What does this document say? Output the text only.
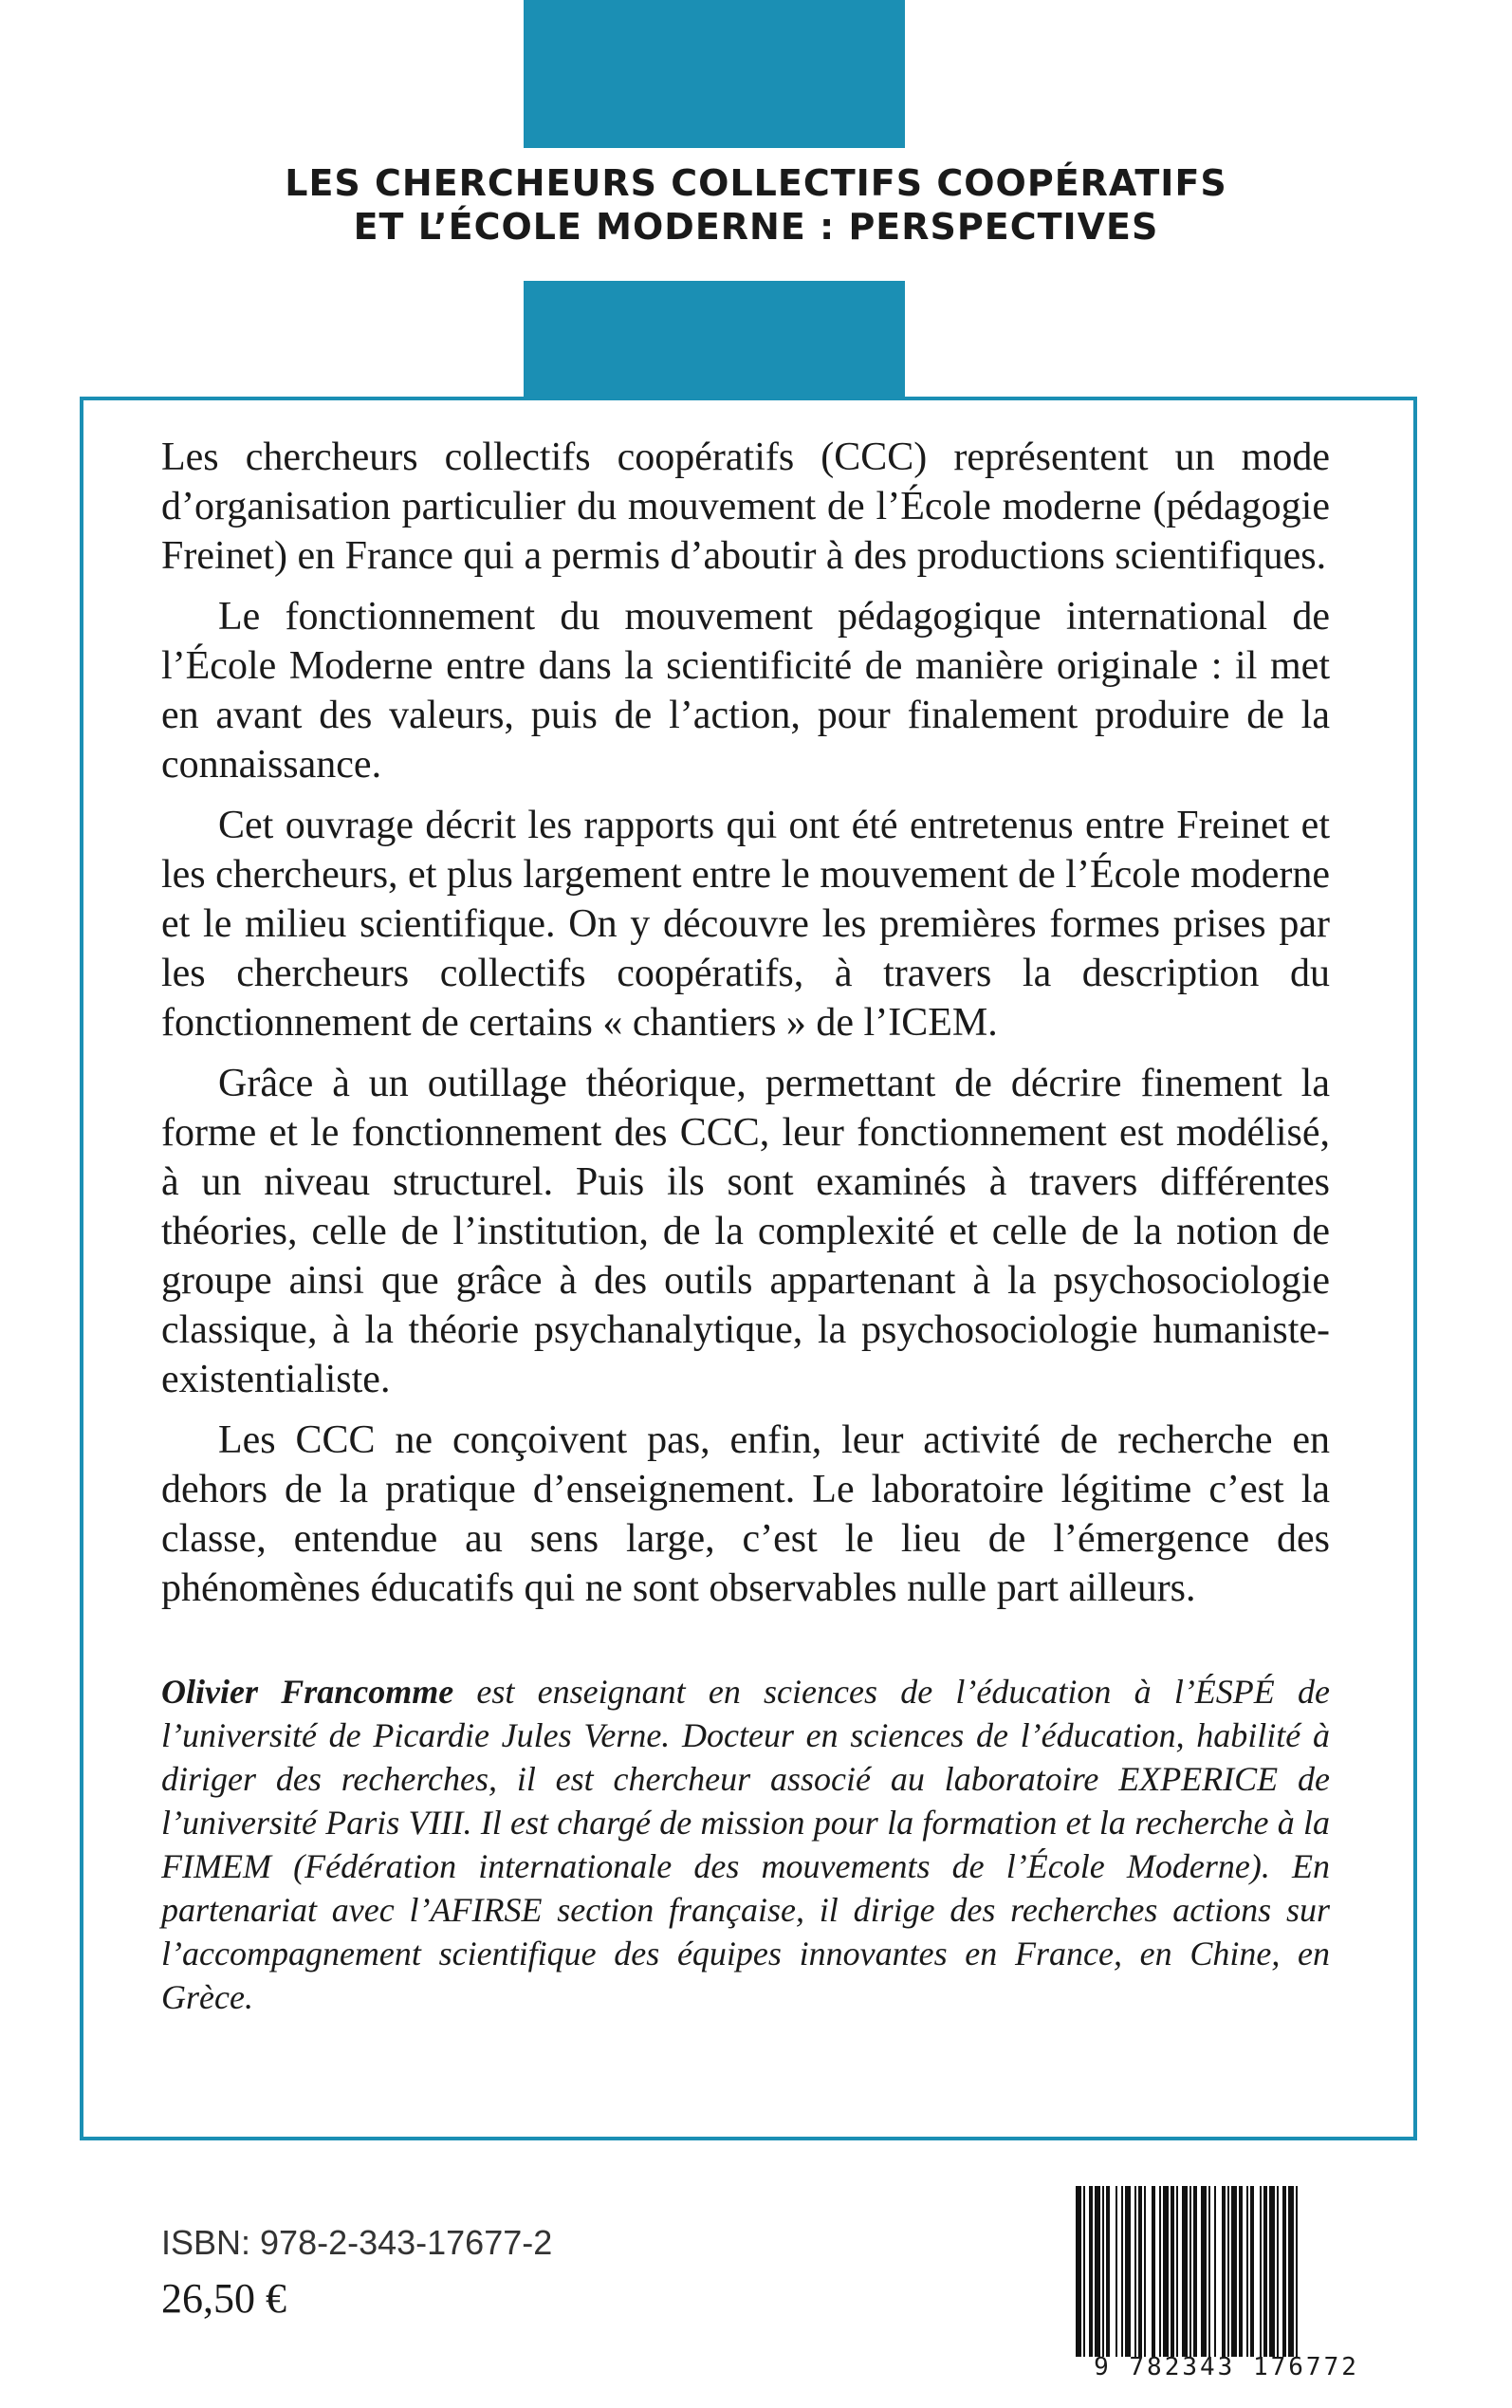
LES CHERCHEURS COLLECTIFS COOPÉRATIFS
ET L’ÉCOLE MODERNE : PERSPECTIVES

Les chercheurs collectifs coopératifs (CCC) représentent un mode d’organisation particulier du mouvement de l’École moderne (pédagogie Freinet) en France qui a permis d’aboutir à des productions scientifiques.

Le fonctionnement du mouvement pédagogique international de l’École Moderne entre dans la scientificité de manière originale : il met en avant des valeurs, puis de l’action, pour finalement produire de la connaissance.

Cet ouvrage décrit les rapports qui ont été entretenus entre Freinet et les chercheurs, et plus largement entre le mouvement de l’École moderne et le milieu scientifique. On y découvre les premières formes prises par les chercheurs collectifs coopératifs, à travers la description du fonctionnement de certains « chantiers » de l’ICEM.

Grâce à un outillage théorique, permettant de décrire finement la forme et le fonctionnement des CCC, leur fonctionnement est modélisé, à un niveau structurel. Puis ils sont examinés à travers différentes théories, celle de l’institution, de la complexité et celle de la notion de groupe ainsi que grâce à des outils appartenant à la psychosociologie classique, à la théorie psychanalytique, la psychosociologie humaniste-existentialiste.

Les CCC ne conçoivent pas, enfin, leur activité de recherche en dehors de la pratique d’enseignement. Le laboratoire légitime c’est la classe, entendue au sens large, c’est le lieu de l’émergence des phénomènes éducatifs qui ne sont observables nulle part ailleurs.

Olivier Francomme est enseignant en sciences de l’éducation à l’ÉSPÉ de l’université de Picardie Jules Verne. Docteur en sciences de l’éducation, habilité à diriger des recherches, il est chercheur associé au laboratoire EXPERICE de l’université Paris VIII. Il est chargé de mission pour la formation et la recherche à la FIMEM (Fédération internationale des mouvements de l’École Moderne). En partenariat avec l’AFIRSE section française, il dirige des recherches actions sur l’accompagnement scientifique des équipes innovantes en France, en Chine, en Grèce.

ISBN: 978-2-343-17677-2
26,50 €
9 782343 176772
